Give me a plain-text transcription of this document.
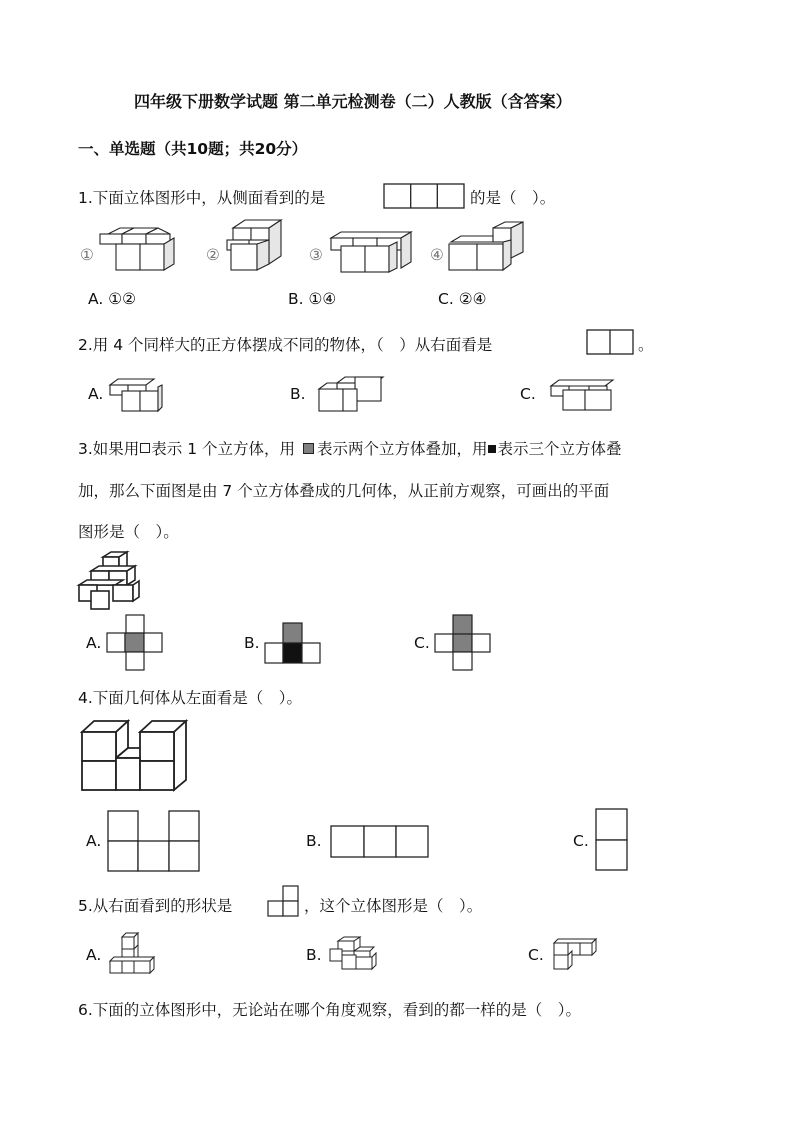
四年级下册数学试题 第二单元检测卷（二）人教版（含答案）
一、单选题（共10题；共20分）
1.下面立体图形中，从侧面看到的是	的是（　）。
①	②	③	④
A. ①②	B. ①④	C. ②④
2.用 4 个同样大的正方体摆成不同的物体，（　）从右面看是	。
A.	B.	C.
3.如果用 表示 1 个立方体，用 表示两个立方体叠加，用 表示三个立方体叠
加，那么下面图是由 7 个立方体叠成的几何体，从正前方观察，可画出的平面
图形是（　）。
A.	B.	C.
4.下面几何体从左面看是（　）。
A.	B.	C.
5.从右面看到的形状是	，这个立体图形是（　）。
A.	B.	C.
6.下面的立体图形中，无论站在哪个角度观察，看到的都一样的是（　）。
